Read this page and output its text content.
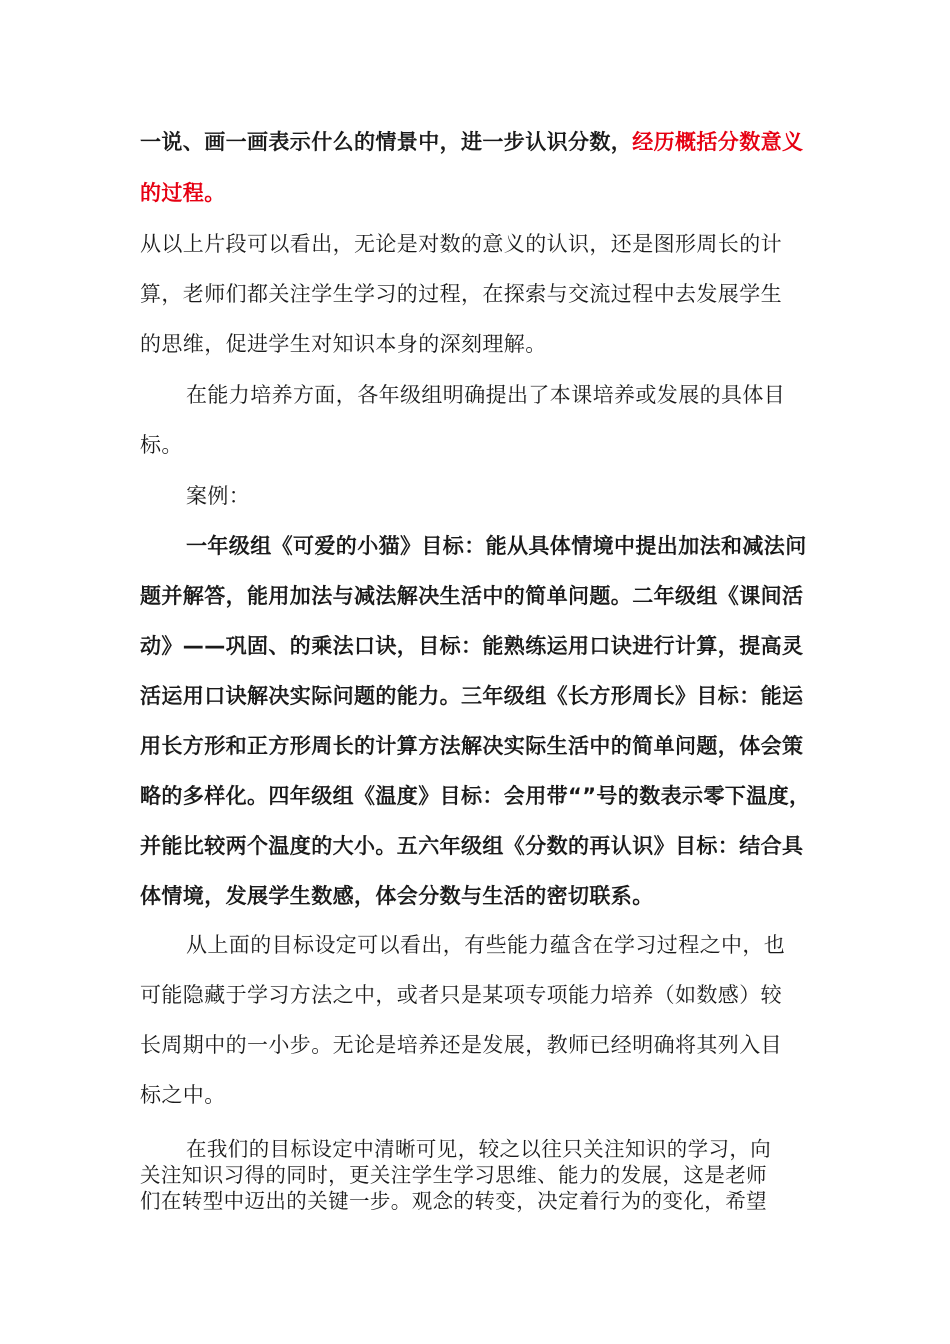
一说、画一画表示什么的情景中，进一步认识分数，经历概括分数意义
的过程。
从以上片段可以看出，无论是对数的意义的认识，还是图形周长的计
算，老师们都关注学生学习的过程，在探索与交流过程中去发展学生
的思维，促进学生对知识本身的深刻理解。
在能力培养方面，各年级组明确提出了本课培养或发展的具体目
标。
案例：
一年级组《可爱的小猫》目标：能从具体情境中提出加法和减法问
题并解答，能用加法与减法解决生活中的简单问题。二年级组《课间活
动》——巩固、的乘法口诀，目标：能熟练运用口诀进行计算，提高灵
活运用口诀解决实际问题的能力。三年级组《长方形周长》目标：能运
用长方形和正方形周长的计算方法解决实际生活中的简单问题，体会策
略的多样化。四年级组《温度》目标：会用带“”号的数表示零下温度，
并能比较两个温度的大小。五六年级组《分数的再认识》目标：结合具
体情境，发展学生数感，体会分数与生活的密切联系。
从上面的目标设定可以看出，有些能力蕴含在学习过程之中，也
可能隐藏于学习方法之中，或者只是某项专项能力培养（如数感）较
长周期中的一小步。无论是培养还是发展，教师已经明确将其列入目
标之中。
在我们的目标设定中清晰可见，较之以往只关注知识的学习，向
关注知识习得的同时，更关注学生学习思维、能力的发展，这是老师
们在转型中迈出的关键一步。观念的转变，决定着行为的变化，希望
